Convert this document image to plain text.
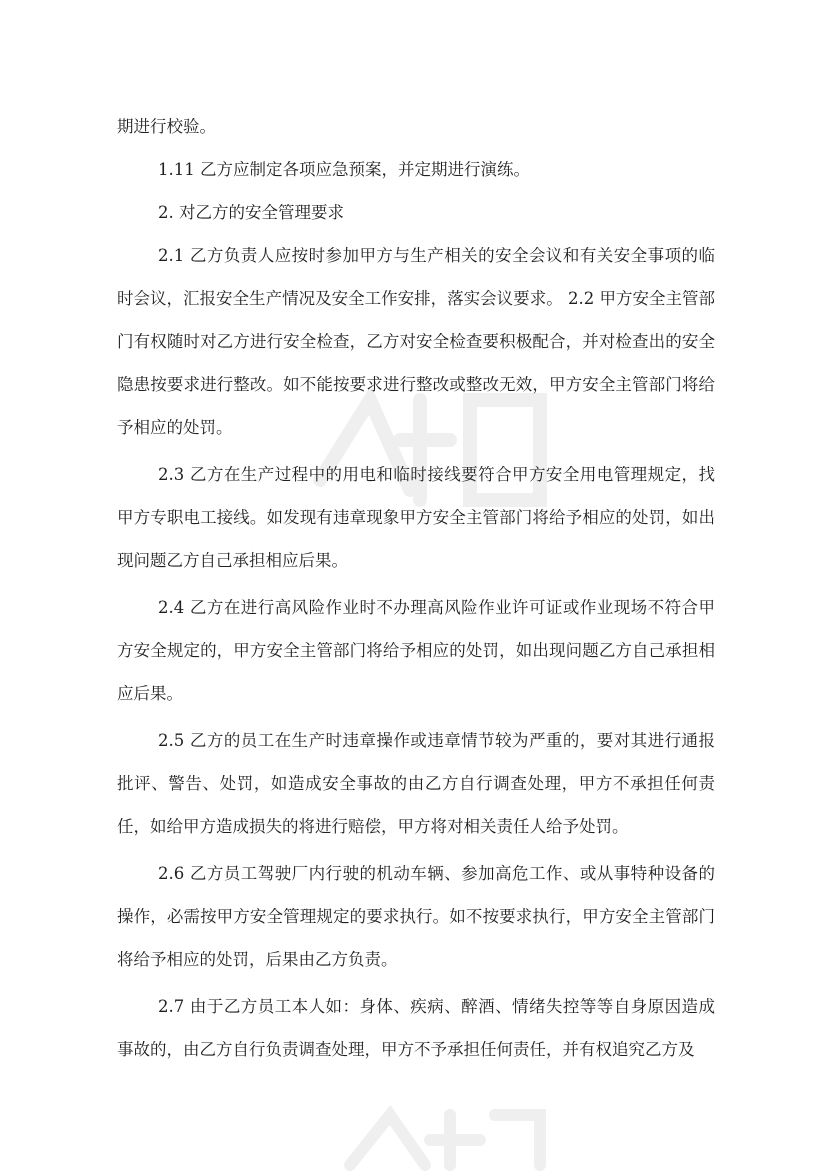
期进行校验。

1.11 乙方应制定各项应急预案，并定期进行演练。

2. 对乙方的安全管理要求

2.1 乙方负责人应按时参加甲方与生产相关的安全会议和有关安全事项的临时会议，汇报安全生产情况及安全工作安排，落实会议要求。 2.2 甲方安全主管部门有权随时对乙方进行安全检查，乙方对安全检查要积极配合，并对检查出的安全隐患按要求进行整改。如不能按要求进行整改或整改无效，甲方安全主管部门将给予相应的处罚。

2.3 乙方在生产过程中的用电和临时接线要符合甲方安全用电管理规定，找甲方专职电工接线。如发现有违章现象甲方安全主管部门将给予相应的处罚，如出现问题乙方自己承担相应后果。

2.4 乙方在进行高风险作业时不办理高风险作业许可证或作业现场不符合甲方安全规定的，甲方安全主管部门将给予相应的处罚，如出现问题乙方自己承担相应后果。

2.5 乙方的员工在生产时违章操作或违章情节较为严重的，要对其进行通报批评、警告、处罚，如造成安全事故的由乙方自行调查处理，甲方不承担任何责任，如给甲方造成损失的将进行赔偿，甲方将对相关责任人给予处罚。

2.6 乙方员工驾驶厂内行驶的机动车辆、参加高危工作、或从事特种设备的操作，必需按甲方安全管理规定的要求执行。如不按要求执行，甲方安全主管部门将给予相应的处罚，后果由乙方负责。

2.7 由于乙方员工本人如：身体、疾病、醉酒、情绪失控等等自身原因造成事故的，由乙方自行负责调查处理，甲方不予承担任何责任，并有权追究乙方及
